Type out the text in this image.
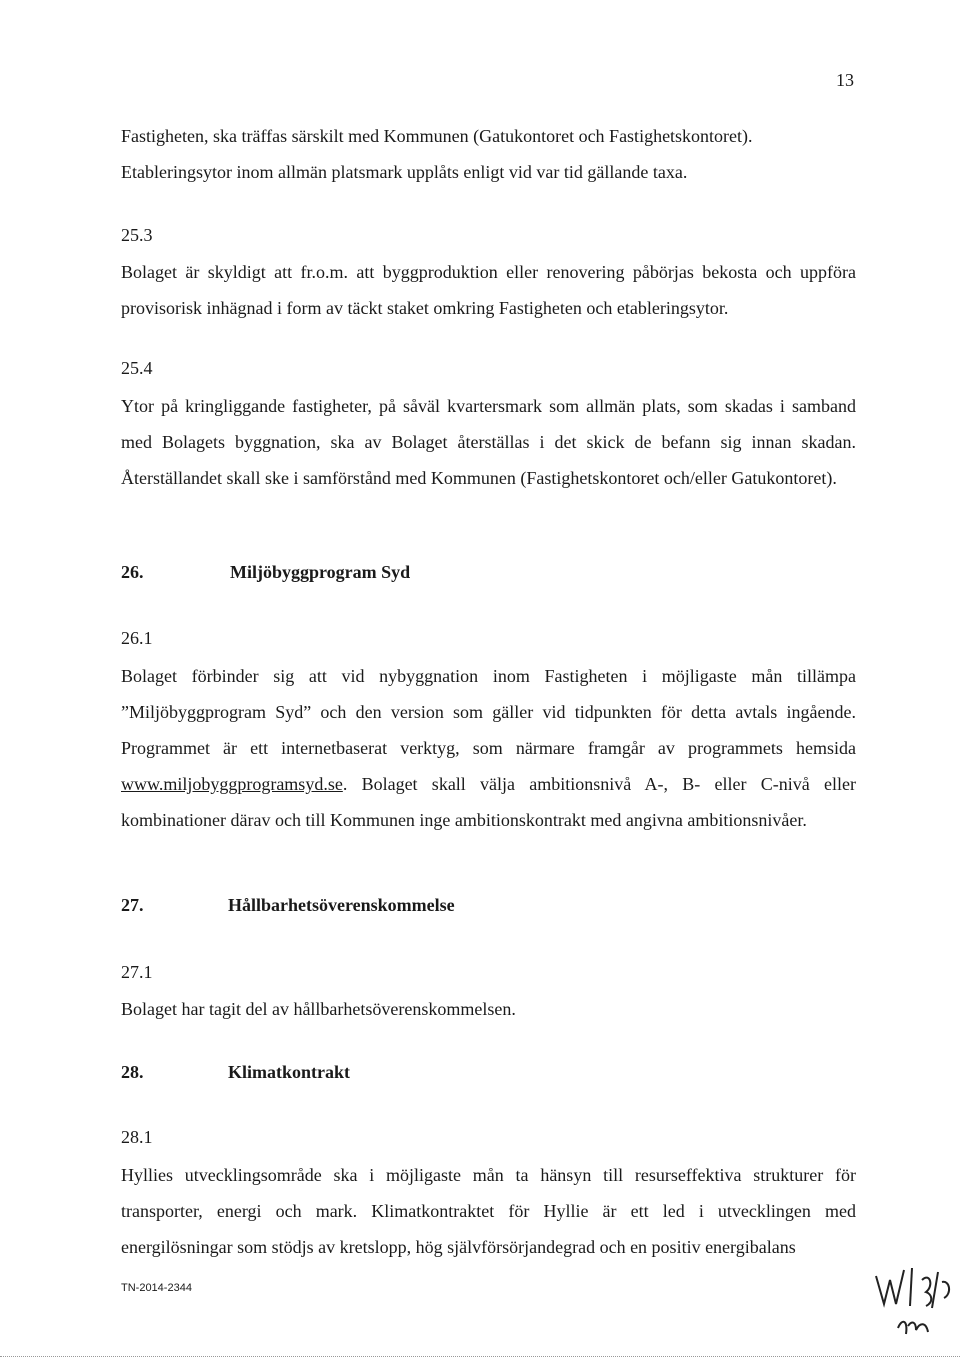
13
Fastigheten, ska träffas särskilt med Kommunen (Gatukontoret och Fastighetskontoret). Etableringsytor inom allmän platsmark upplåts enligt vid var tid gällande taxa.
25.3
Bolaget är skyldigt att fr.o.m. att byggproduktion eller renovering påbörjas bekosta och uppföra provisorisk inhägnad i form av täckt staket omkring Fastigheten och etableringsytor.
25.4
Ytor på kringliggande fastigheter, på såväl kvartersmark som allmän plats, som skadas i samband med Bolagets byggnation, ska av Bolaget återställas i det skick de befann sig innan skadan. Återställandet skall ske i samförstånd med Kommunen (Fastighetskontoret och/eller Gatukontoret).
26.	Miljöbyggprogram Syd
26.1
Bolaget förbinder sig att vid nybyggnation inom Fastigheten i möjligaste mån tillämpa ”Miljöbyggprogram Syd” och den version som gäller vid tidpunkten för detta avtals ingående. Programmet är ett internetbaserat verktyg, som närmare framgår av programmets hemsida www.miljobyggprogramsyd.se. Bolaget skall välja ambitionsnivå A-, B- eller C-nivå eller kombinationer därav och till Kommunen inge ambitionskontrakt med angivna ambitionsnivåer.
27.	Hållbarhetsöverenskommelse
27.1
Bolaget har tagit del av hållbarhetsöverenskommelsen.
28.	Klimatkontrakt
28.1
Hyllies utvecklingsområde ska i möjligaste mån ta hänsyn till resurseffektiva strukturer för transporter, energi och mark. Klimatkontraktet för Hyllie är ett led i utvecklingen med energilösningar som stödjs av kretslopp, hög självförsörjandegrad och en positiv energibalans
TN-2014-2344
